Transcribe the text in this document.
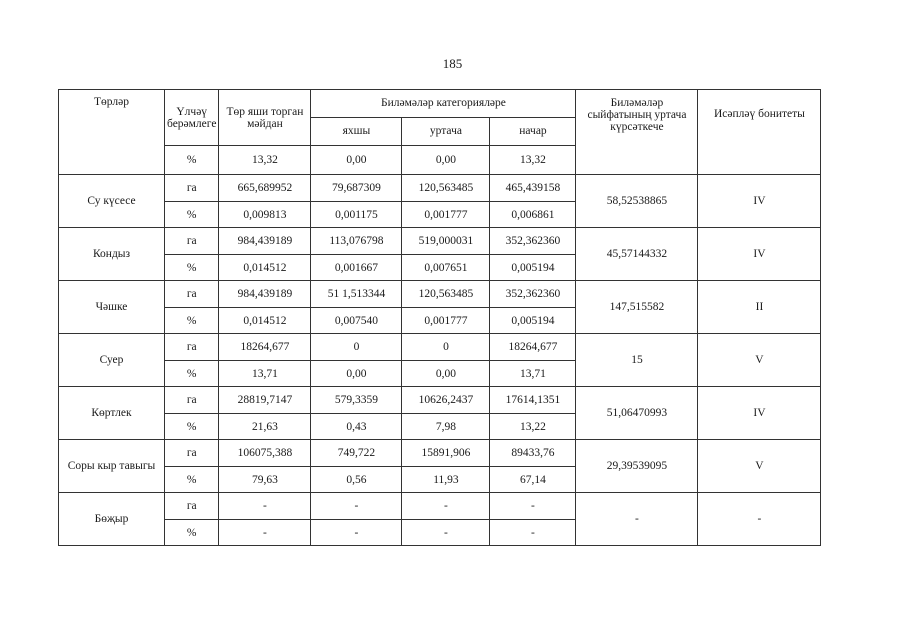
185
Төрләр	Үлчәү берәмлеге	Төр яши торган мәйдан	Биләмәләр категорияләре			Биләмәләр сыйфатының уртача күрсәткече	Исәпләү бонитеты
			яхшы	уртача	начар		
	%	13,32	0,00	0,00	13,32		
Су күсесе	га	665,689952	79,687309	120,563485	465,439158	58,52538865	IV
	%	0,009813	0,001175	0,001777	0,006861		
Кондыз	га	984,439189	113,076798	519,000031	352,362360	45,57144332	IV
	%	0,014512	0,001667	0,007651	0,005194		
Чәшке	га	984,439189	51 1,513344	120,563485	352,362360	147,515582	II
	%	0,014512	0,007540	0,001777	0,005194		
Суер	га	18264,677	0	0	18264,677	15	V
	%	13,71	0,00	0,00	13,71		
Көртлек	га	28819,7147	579,3359	10626,2437	17614,1351	51,06470993	IV
	%	21,63	0,43	7,98	13,22		
Соры кыр тавыгы	га	106075,388	749,722	15891,906	89433,76	29,39539095	V
	%	79,63	0,56	11,93	67,14		
Бөҗыр	га	-	-	-	-	-	-
	%	-	-	-	-		
